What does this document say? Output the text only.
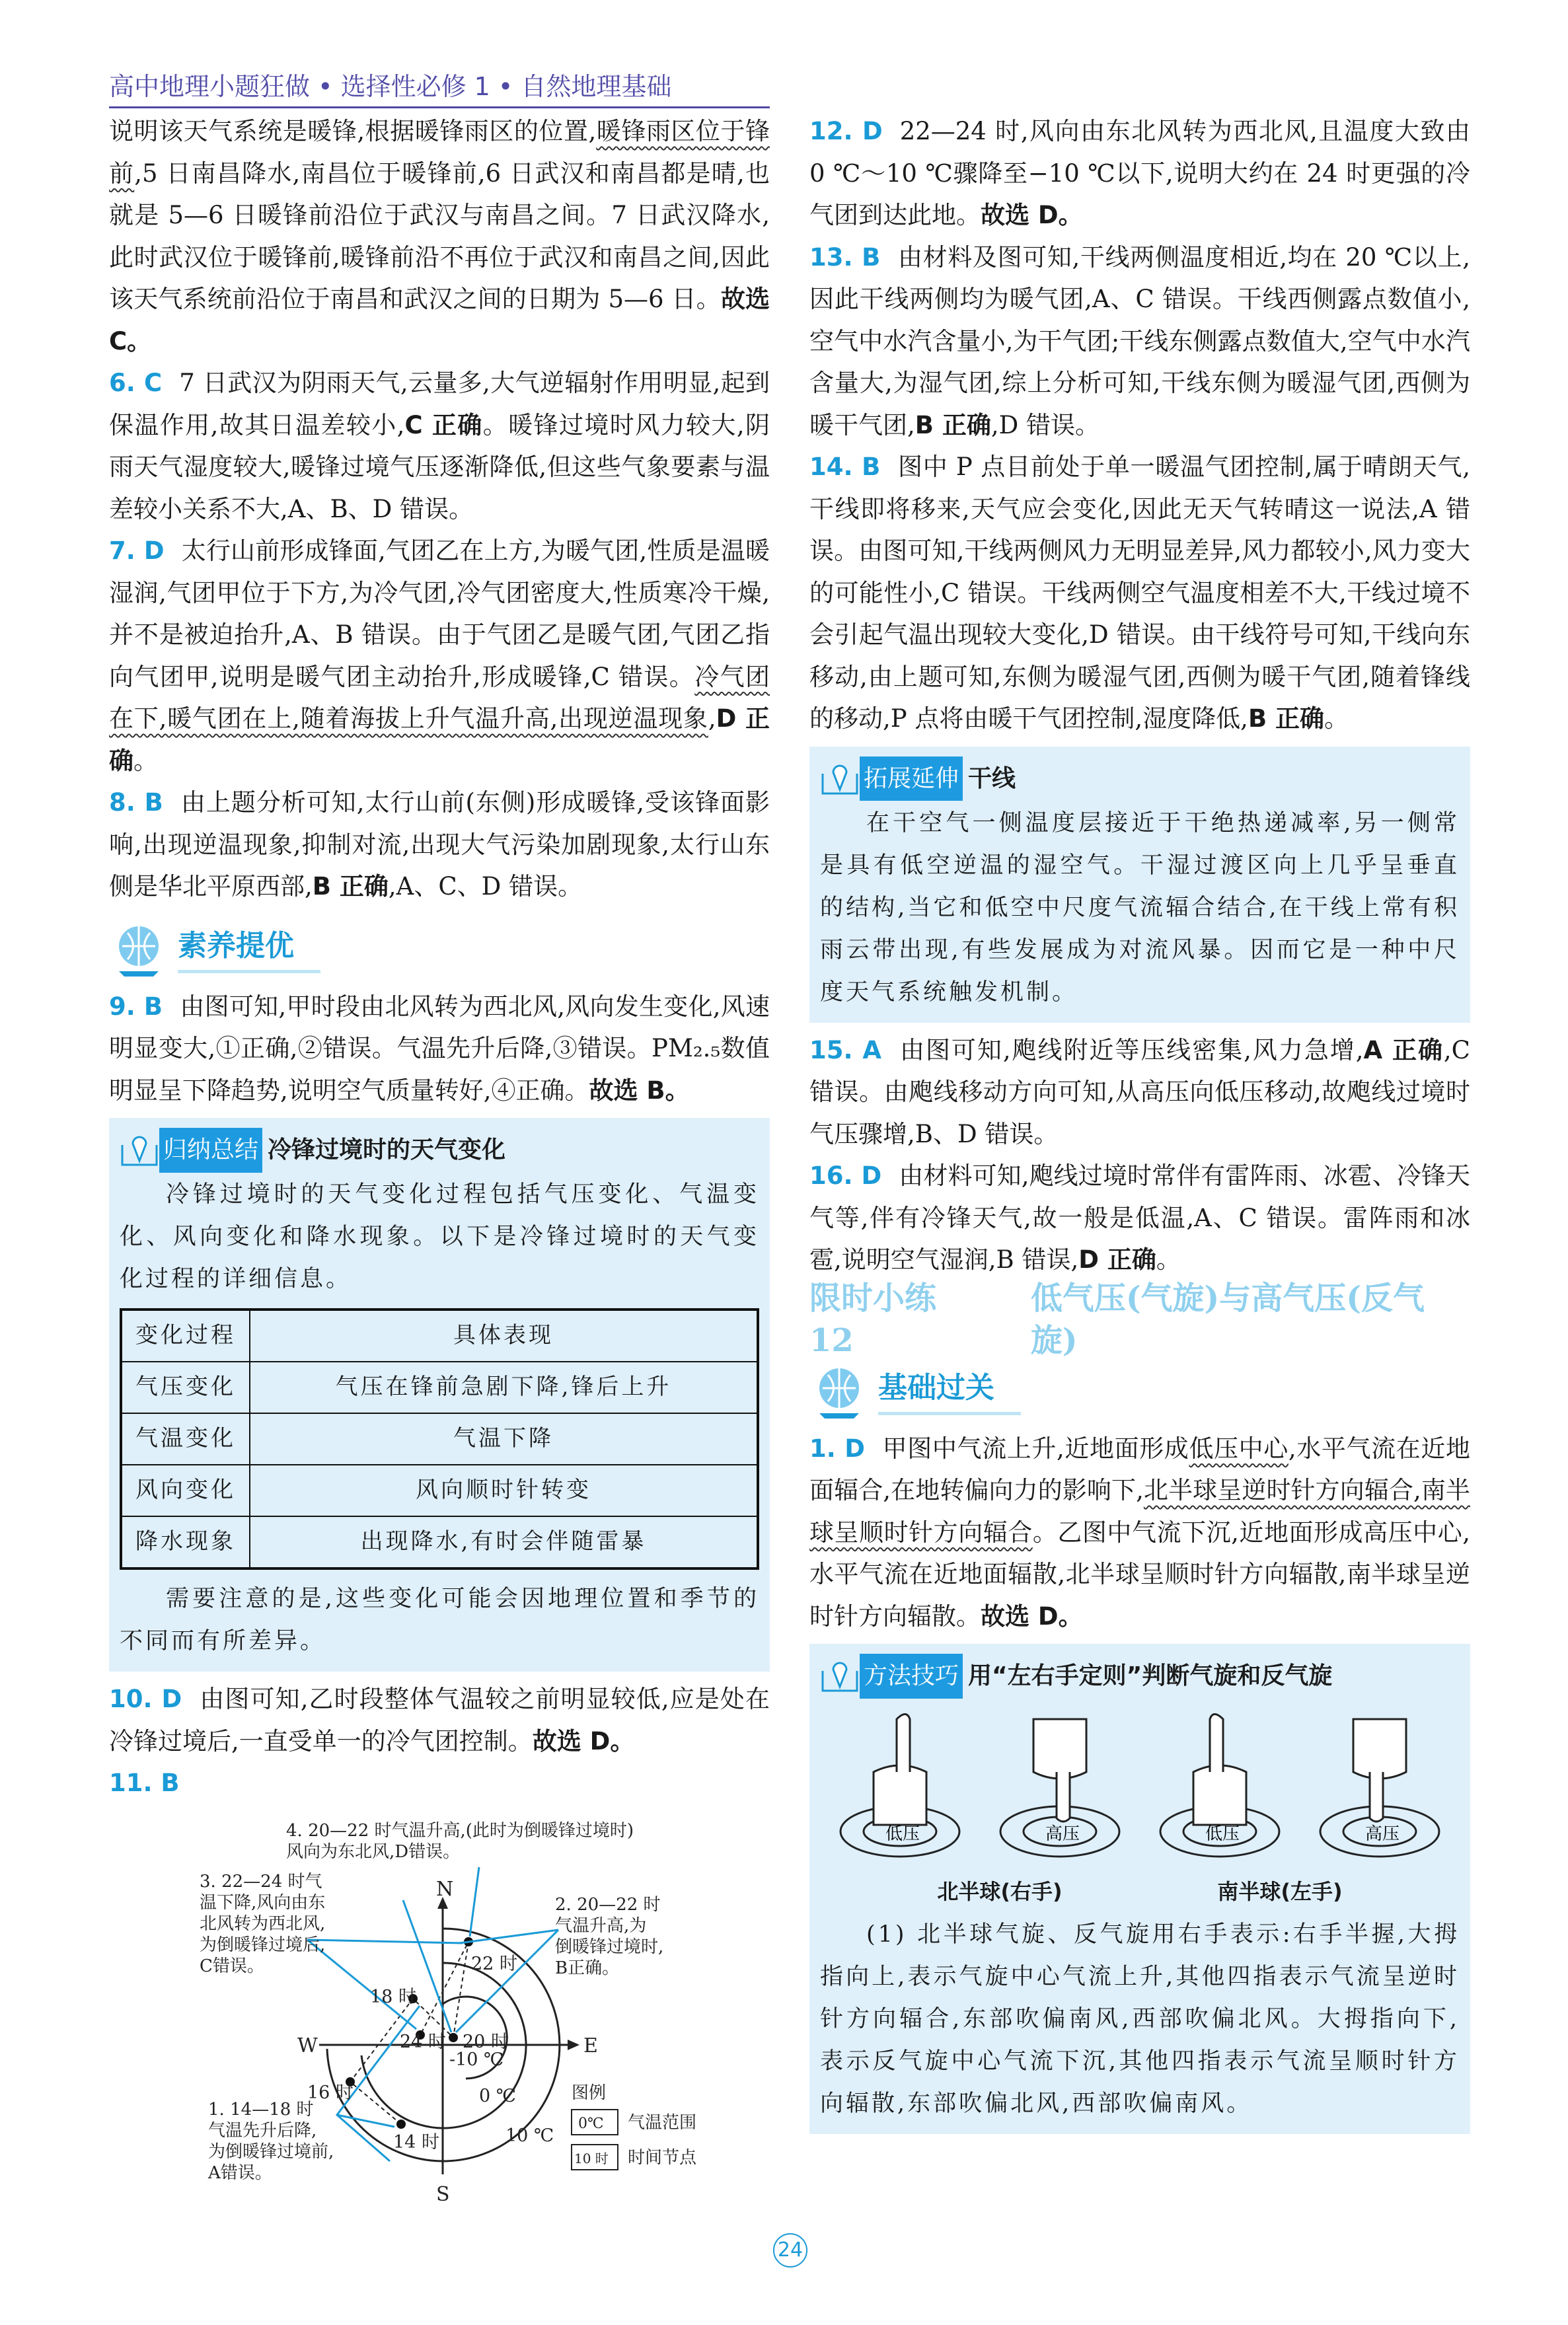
高中地理小题狂做 • 选择性必修 1 • 自然地理基础

说明该天气系统是暖锋,根据暖锋雨区的位置,暖锋雨区位于锋前,5 日南昌降水,南昌位于暖锋前,6 日武汉和南昌都是晴,也就是 5—6 日暖锋前沿位于武汉与南昌之间。7 日武汉降水,此时武汉位于暖锋前,暖锋前沿不再位于武汉和南昌之间,因此该天气系统前沿位于南昌和武汉之间的日期为 5—6 日。故选 C。

6. C 7 日武汉为阴雨天气,云量多,大气逆辐射作用明显,起到保温作用,故其日温差较小,C 正确。暖锋过境时风力较大,阴雨天气湿度较大,暖锋过境气压逐渐降低,但这些气象要素与温差较小关系不大,A、B、D 错误。

7. D 太行山前形成锋面,气团乙在上方,为暖气团,性质是温暖湿润,气团甲位于下方,为冷气团,冷气团密度大,性质寒冷干燥,并不是被迫抬升,A、B 错误。由于气团乙是暖气团,气团乙指向气团甲,说明是暖气团主动抬升,形成暖锋,C 错误。冷气团在下,暖气团在上,随着海拔上升气温升高,出现逆温现象,D 正确。

8. B 由上题分析可知,太行山前(东侧)形成暖锋,受该锋面影响,出现逆温现象,抑制对流,出现大气污染加剧现象,太行山东侧是华北平原西部,B 正确,A、C、D 错误。

素养提优

9. B 由图可知,甲时段由北风转为西北风,风向发生变化,风速明显变大,①正确,②错误。气温先升后降,③错误。PM₂.₅数值明显呈下降趋势,说明空气质量转好,④正确。故选 B。

归纳总结 冷锋过境时的天气变化

冷锋过境时的天气变化过程包括气压变化、气温变化、风向变化和降水现象。以下是冷锋过境时的天气变化过程的详细信息。

变化过程	具体表现
气压变化	气压在锋前急剧下降,锋后上升
气温变化	气温下降
风向变化	风向顺时针转变
降水现象	出现降水,有时会伴随雷暴

需要注意的是,这些变化可能会因地理位置和季节的不同而有所差异。

10. D 由图可知,乙时段整体气温较之前明显较低,应是处在冷锋过境后,一直受单一的冷气团控制。故选 D。

11. B

N
S
W	E
-10 ℃
0 ℃
10 ℃
14 时
16 时
18 时
20 时
22 时
24 时
1. 14—18 时
气温先升后降,
为倒暖锋过境前,
A错误。
2. 20—22 时
气温升高,为
倒暖锋过境时,
B正确。
3. 22—24 时气
温下降,风向由东
北风转为西北风,
为倒暖锋过境后,
C错误。
4. 20—22 时气温升高,(此时为倒暖锋过境时)
风向为东北风,D错误。
图例
0℃ 气温范围
10 时 时间节点

12. D 22—24 时,风向由东北风转为西北风,且温度大致由 0 ℃～10 ℃骤降至−10 ℃以下,说明大约在 24 时更强的冷气团到达此地。故选 D。

13. B 由材料及图可知,干线两侧温度相近,均在 20 ℃以上,因此干线两侧均为暖气团,A、C 错误。干线西侧露点数值小,空气中水汽含量小,为干气团;干线东侧露点数值大,空气中水汽含量大,为湿气团,综上分析可知,干线东侧为暖湿气团,西侧为暖干气团,B 正确,D 错误。

14. B 图中 P 点目前处于单一暖温气团控制,属于晴朗天气,干线即将移来,天气应会变化,因此无天气转晴这一说法,A 错误。由图可知,干线两侧风力无明显差异,风力都较小,风力变大的可能性小,C 错误。干线两侧空气温度相差不大,干线过境不会引起气温出现较大变化,D 错误。由干线符号可知,干线向东移动,由上题可知,东侧为暖湿气团,西侧为暖干气团,随着锋线的移动,P 点将由暖干气团控制,湿度降低,B 正确。

拓展延伸 干线

在干空气一侧温度层接近于干绝热递减率,另一侧常是具有低空逆温的湿空气。干湿过渡区向上几乎呈垂直的结构,当它和低空中尺度气流辐合结合,在干线上常有积雨云带出现,有些发展成为对流风暴。因而它是一种中尺度天气系统触发机制。

15. A 由图可知,飑线附近等压线密集,风力急增,A 正确,C 错误。由飑线移动方向可知,从高压向低压移动,故飑线过境时气压骤增,B、D 错误。

16. D 由材料可知,飑线过境时常伴有雷阵雨、冰雹、冷锋天气等,伴有冷锋天气,故一般是低温,A、C 错误。雷阵雨和冰雹,说明空气湿润,B 错误,D 正确。

限时小练 12
低气压(气旋)与高气压(反气旋)
基础过关

1. D 甲图中气流上升,近地面形成低压中心,水平气流在近地面辐合,在地转偏向力的影响下,北半球呈逆时针方向辐合,南半球呈顺时针方向辐合。乙图中气流下沉,近地面形成高压中心,水平气流在近地面辐散,北半球呈顺时针方向辐散,南半球呈逆时针方向辐散。故选 D。

方法技巧 用“左右手定则”判断气旋和反气旋
低压	高压	低压	高压
北半球(右手)	南半球(左手)

(1) 北半球气旋、反气旋用右手表示:右手半握,大拇指向上,表示气旋中心气流上升,其他四指表示气流呈逆时针方向辐合,东部吹偏南风,西部吹偏北风。大拇指向下,表示反气旋中心气流下沉,其他四指表示气流呈顺时针方向辐散,东部吹偏北风,西部吹偏南风。

24
